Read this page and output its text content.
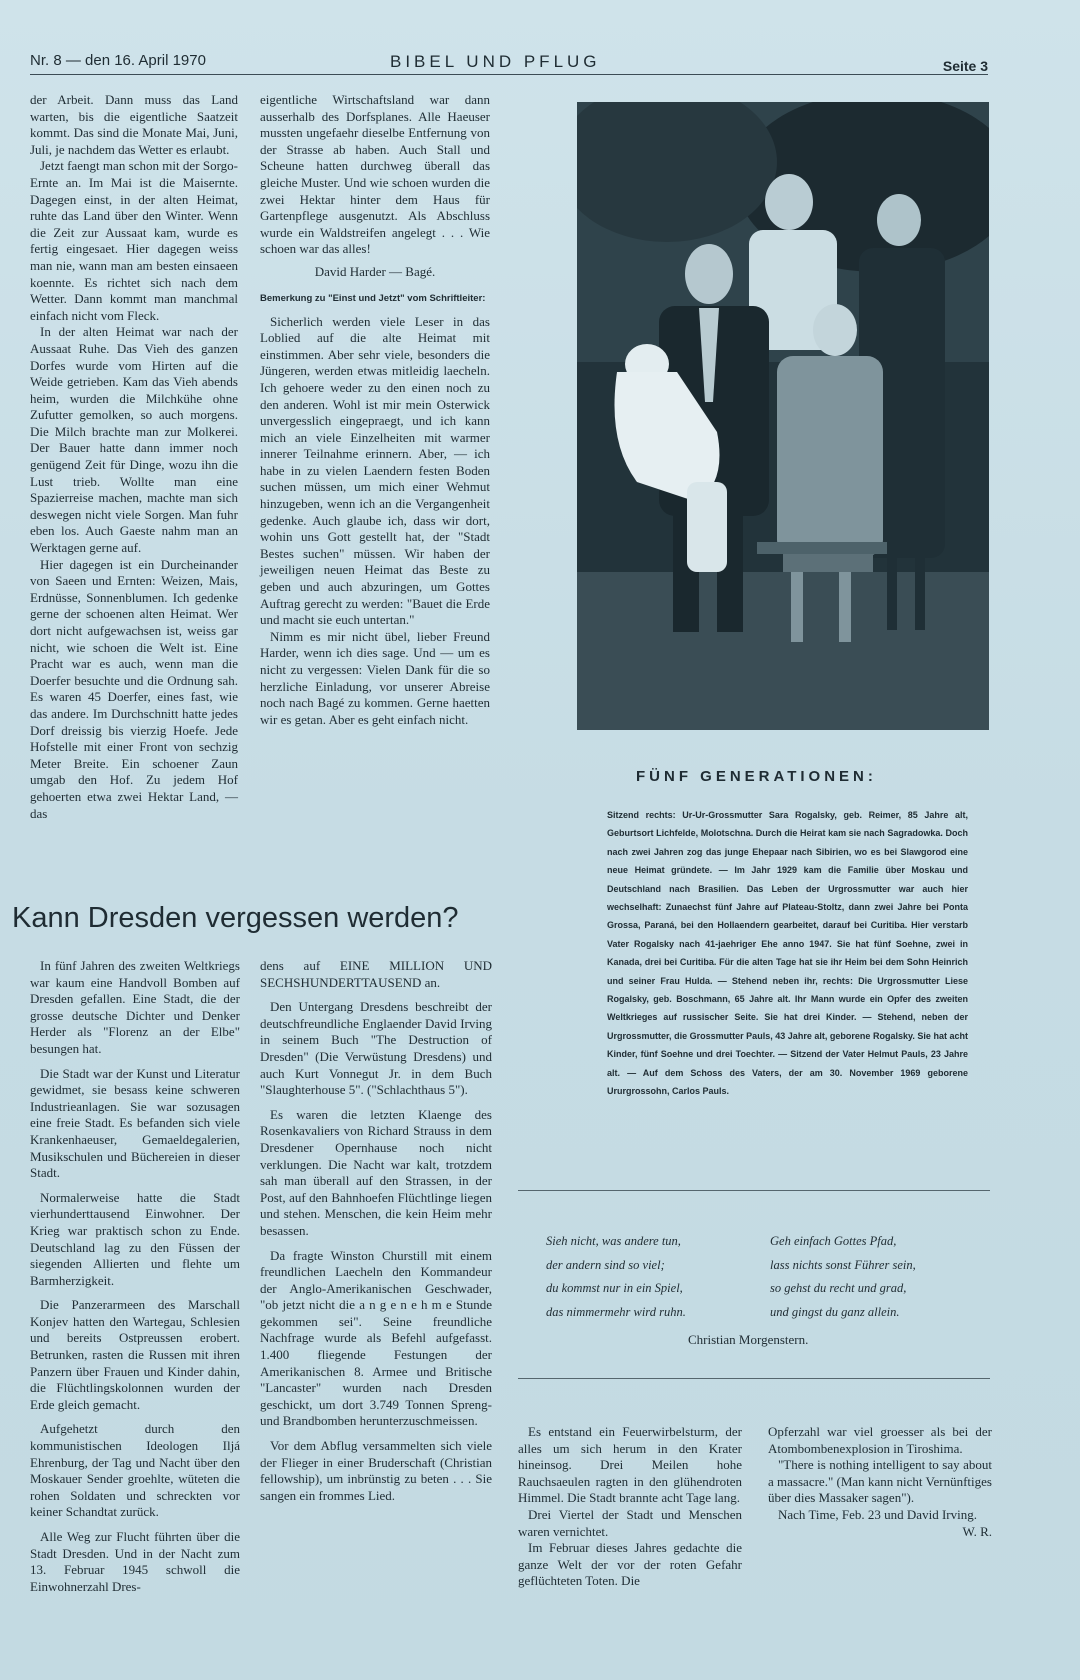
Nr. 8 — den 16. April 1970	BIBEL UND PFLUG	Seite 3

der Arbeit. Dann muss das Land warten, bis die eigentliche Saatzeit kommt. Das sind die Monate Mai, Juni, Juli, je nachdem das Wetter es erlaubt.

Jetzt faengt man schon mit der Sorgo-Ernte an. Im Mai ist die Maisernte. Dagegen einst, in der alten Heimat, ruhte das Land über den Winter. Wenn die Zeit zur Aussaat kam, wurde es fertig eingesaet. Hier dagegen weiss man nie, wann man am besten einsaeen koennte. Es richtet sich nach dem Wetter. Dann kommt man manchmal einfach nicht vom Fleck.

In der alten Heimat war nach der Aussaat Ruhe. Das Vieh des ganzen Dorfes wurde vom Hirten auf die Weide getrieben. Kam das Vieh abends heim, wurden die Milchkühe ohne Zufutter gemolken, so auch morgens. Die Milch brachte man zur Molkerei. Der Bauer hatte dann immer noch genügend Zeit für Dinge, wozu ihn die Lust trieb. Wollte man eine Spazierreise machen, machte man sich deswegen nicht viele Sorgen. Man fuhr eben los. Auch Gaeste nahm man an Werktagen gerne auf.

Hier dagegen ist ein Durcheinander von Saeen und Ernten: Weizen, Mais, Erdnüsse, Sonnenblumen. Ich gedenke gerne der schoenen alten Heimat. Wer dort nicht aufgewachsen ist, weiss gar nicht, wie schoen die Welt ist. Eine Pracht war es auch, wenn man die Doerfer besuchte und die Ordnung sah. Es waren 45 Doerfer, eines fast, wie das andere. Im Durchschnitt hatte jedes Dorf dreissig bis vierzig Hoefe. Jede Hofstelle mit einer Front von sechzig Meter Breite. Ein schoener Zaun umgab den Hof. Zu jedem Hof gehoerten etwa zwei Hektar Land, — das

eigentliche Wirtschaftsland war dann ausserhalb des Dorfsplanes. Alle Haeuser mussten ungefaehr dieselbe Entfernung von der Strasse ab haben. Auch Stall und Scheune hatten durchweg überall das gleiche Muster. Und wie schoen wurden die zwei Hektar hinter dem Haus für Gartenpflege ausgenutzt. Als Abschluss wurde ein Waldstreifen angelegt . . . Wie schoen war das alles!

David Harder — Bagé.

Bemerkung zu "Einst und Jetzt" vom Schriftleiter:

Sicherlich werden viele Leser in das Loblied auf die alte Heimat mit einstimmen. Aber sehr viele, besonders die Jüngeren, werden etwas mitleidig laecheln. Ich gehoere weder zu den einen noch zu den anderen. Wohl ist mir mein Osterwick unvergesslich eingepraegt, und ich kann mich an viele Einzelheiten mit warmer innerer Teilnahme erinnern. Aber, — ich habe in zu vielen Laendern festen Boden suchen müssen, um mich einer Wehmut hinzugeben, wenn ich an die Vergangenheit gedenke. Auch glaube ich, dass wir dort, wohin uns Gott gestellt hat, der "Stadt Bestes suchen" müssen. Wir haben der jeweiligen neuen Heimat das Beste zu geben und auch abzuringen, um Gottes Auftrag gerecht zu werden: "Bauet die Erde und macht sie euch untertan."

Nimm es mir nicht übel, lieber Freund Harder, wenn ich dies sage. Und — um es nicht zu vergessen: Vielen Dank für die so herzliche Einladung, vor unserer Abreise noch nach Bagé zu kommen. Gerne haetten wir es getan. Aber es geht einfach nicht.

FÜNF GENERATIONEN:
Sitzend rechts: Ur-Ur-Grossmutter Sara Rogalsky, geb. Reimer, 85 Jahre alt, Geburtsort Lichfelde, Molotschna. Durch die Heirat kam sie nach Sagradowka. Doch nach zwei Jahren zog das junge Ehepaar nach Sibirien, wo es bei Slawgorod eine neue Heimat gründete. — Im Jahr 1929 kam die Familie über Moskau und Deutschland nach Brasilien. Das Leben der Urgrossmutter war auch hier wechselhaft: Zunaechst fünf Jahre auf Plateau-Stoltz, dann zwei Jahre bei Ponta Grossa, Paraná, bei den Hollaendern gearbeitet, darauf bei Curitiba. Hier verstarb Vater Rogalsky nach 41-jaehriger Ehe anno 1947. Sie hat fünf Soehne, zwei in Kanada, drei bei Curitiba. Für die alten Tage hat sie ihr Heim bei dem Sohn Heinrich und seiner Frau Hulda. — Stehend neben ihr, rechts: Die Urgrossmutter Liese Rogalsky, geb. Boschmann, 65 Jahre alt. Ihr Mann wurde ein Opfer des zweiten Weltkrieges auf russischer Seite. Sie hat drei Kinder. — Stehend, neben der Urgrossmutter, die Grossmutter Pauls, 43 Jahre alt, geborene Rogalsky. Sie hat acht Kinder, fünf Soehne und drei Toechter. — Sitzend der Vater Helmut Pauls, 23 Jahre alt. — Auf dem Schoss des Vaters, der am 30. November 1969 geborene Ururgrossohn, Carlos Pauls.
Kann Dresden vergessen werden?

In fünf Jahren des zweiten Weltkriegs war kaum eine Handvoll Bomben auf Dresden gefallen. Eine Stadt, die der grosse deutsche Dichter und Denker Herder als "Florenz an der Elbe" besungen hat.

Die Stadt war der Kunst und Literatur gewidmet, sie besass keine schweren Industrieanlagen. Sie war sozusagen eine freie Stadt. Es befanden sich viele Krankenhaeuser, Gemaeldegalerien, Musikschulen und Büchereien in dieser Stadt.

Normalerweise hatte die Stadt vierhunderttausend Einwohner. Der Krieg war praktisch schon zu Ende. Deutschland lag zu den Füssen der siegenden Allierten und flehte um Barmherzigkeit.

Die Panzerarmeen des Marschall Konjev hatten den Wartegau, Schlesien und bereits Ostpreussen erobert. Betrunken, rasten die Russen mit ihren Panzern über Frauen und Kinder dahin, die Flüchtlingskolonnen wurden der Erde gleich gemacht.

Aufgehetzt durch den kommunistischen Ideologen Iljá Ehrenburg, der Tag und Nacht über den Moskauer Sender groehlte, wüteten die rohen Soldaten und schreckten vor keiner Schandtat zurück.

Alle Weg zur Flucht führten über die Stadt Dresden. Und in der Nacht zum 13. Februar 1945 schwoll die Einwohnerzahl Dres-

dens auf EINE MILLION UND SECHSHUNDERTTAUSEND an.

Den Untergang Dresdens beschreibt der deutschfreundliche Englaender David Irving in seinem Buch "The Destruction of Dresden" (Die Verwüstung Dresdens) und auch Kurt Vonnegut Jr. in dem Buch "Slaughterhouse 5". ("Schlachthaus 5").

Es waren die letzten Klaenge des Rosenkavaliers von Richard Strauss in dem Dresdener Opernhause noch nicht verklungen. Die Nacht war kalt, trotzdem sah man überall auf den Strassen, in der Post, auf den Bahnhoefen Flüchtlinge liegen und stehen. Menschen, die kein Heim mehr besassen.

Da fragte Winston Churstill mit einem freundlichen Laecheln den Kommandeur der Anglo-Amerikanischen Geschwader, "ob jetzt nicht die a n g e n e h m e Stunde gekommen sei". Seine freundliche Nachfrage wurde als Befehl aufgefasst. 1.400 fliegende Festungen der Amerikanischen 8. Armee und Britische "Lancaster" wurden nach Dresden geschickt, um dort 3.749 Tonnen Spreng- und Brandbomben herunterzuschmeissen.

Vor dem Abflug versammelten sich viele der Flieger in einer Bruderschaft (Christian fellowship), um inbrünstig zu beten . . . Sie sangen ein frommes Lied.

Sieh nicht, was andere tun,
der andern sind so viel;
du kommst nur in ein Spiel,
das nimmermehr wird ruhn.
Geh einfach Gottes Pfad,
lass nichts sonst Führer sein,
so gehst du recht und grad,
und gingst du ganz allein.
Christian Morgenstern.

Es entstand ein Feuerwirbelsturm, der alles um sich herum in den Krater hineinsog. Drei Meilen hohe Rauchsaeulen ragten in den glühendroten Himmel. Die Stadt brannte acht Tage lang.

Drei Viertel der Stadt und Menschen waren vernichtet.

Im Februar dieses Jahres gedachte die ganze Welt der vor der roten Gefahr geflüchteten Toten. Die

Opferzahl war viel groesser als bei der Atombombenexplosion in Tiroshima.

"There is nothing intelligent to say about a massacre." (Man kann nicht Vernünftiges über dies Massaker sagen").

Nach Time, Feb. 23 und David Irving.

W. R.
